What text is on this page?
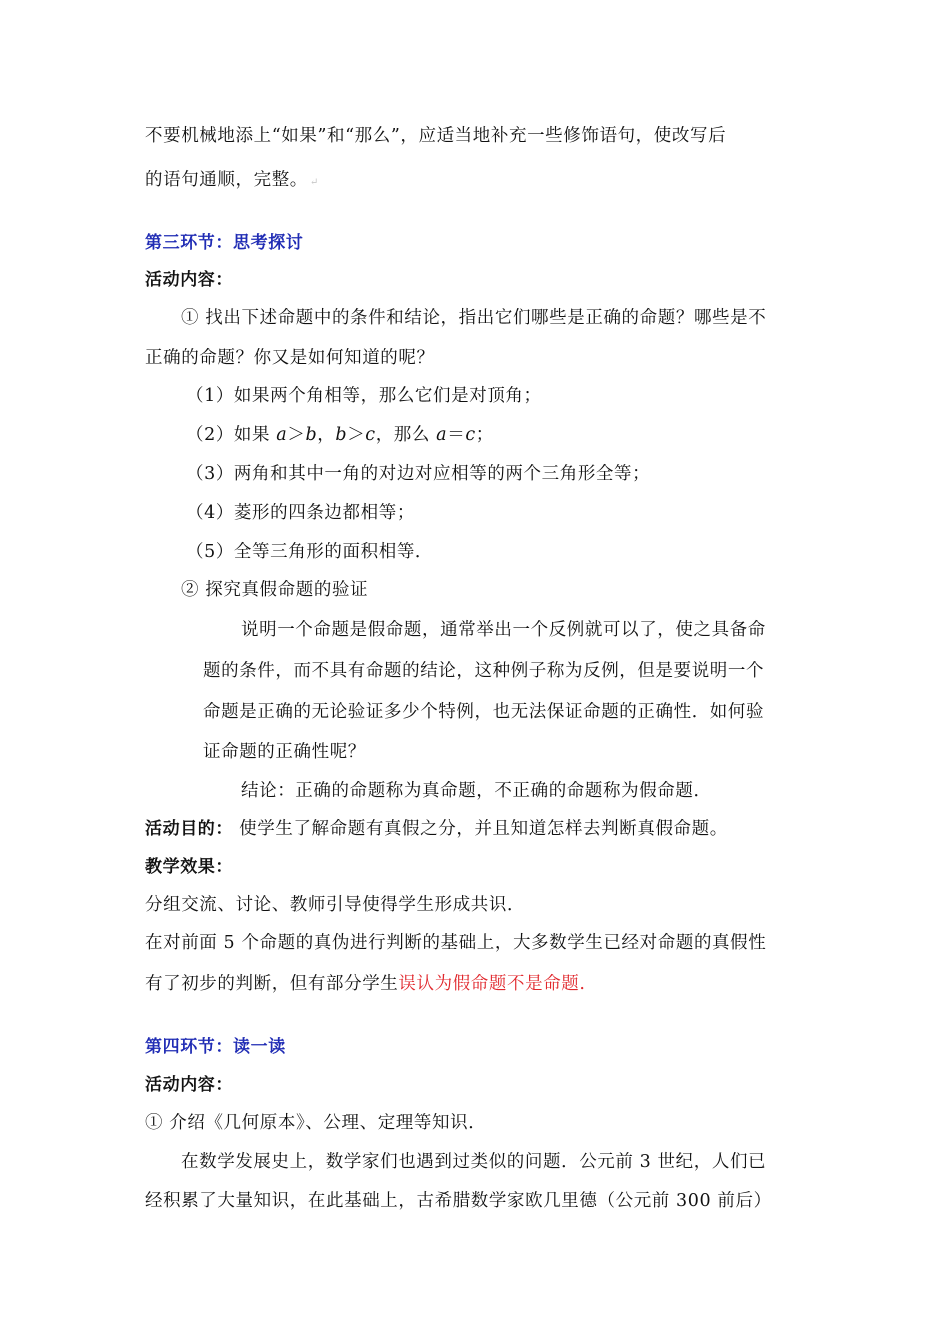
不要机械地添上“如果”和“那么”，应适当地补充一些修饰语句，使改写后
的语句通顺，完整。 ↵
第三环节：思考探讨
活动内容：
① 找出下述命题中的条件和结论，指出它们哪些是正确的命题？哪些是不
正确的命题？你又是如何知道的呢？
（1）如果两个角相等，那么它们是对顶角；
（2）如果 a＞b，b＞c，那么 a＝c；
（3）两角和其中一角的对边对应相等的两个三角形全等；
（4）菱形的四条边都相等；
（5）全等三角形的面积相等．
② 探究真假命题的验证
说明一个命题是假命题，通常举出一个反例就可以了，使之具备命
题的条件，而不具有命题的结论，这种例子称为反例，但是要说明一个
命题是正确的无论验证多少个特例，也无法保证命题的正确性．如何验
证命题的正确性呢？
结论：正确的命题称为真命题，不正确的命题称为假命题．
活动目的： 使学生了解命题有真假之分，并且知道怎样去判断真假命题。
教学效果：
分组交流、讨论、教师引导使得学生形成共识．
在对前面 5 个命题的真伪进行判断的基础上，大多数学生已经对命题的真假性
有了初步的判断，但有部分学生误认为假命题不是命题.
第四环节：读一读
活动内容：
① 介绍《几何原本》、公理、定理等知识．
在数学发展史上，数学家们也遇到过类似的问题．公元前 3 世纪，人们已
经积累了大量知识，在此基础上，古希腊数学家欧几里德（公元前 300 前后）
